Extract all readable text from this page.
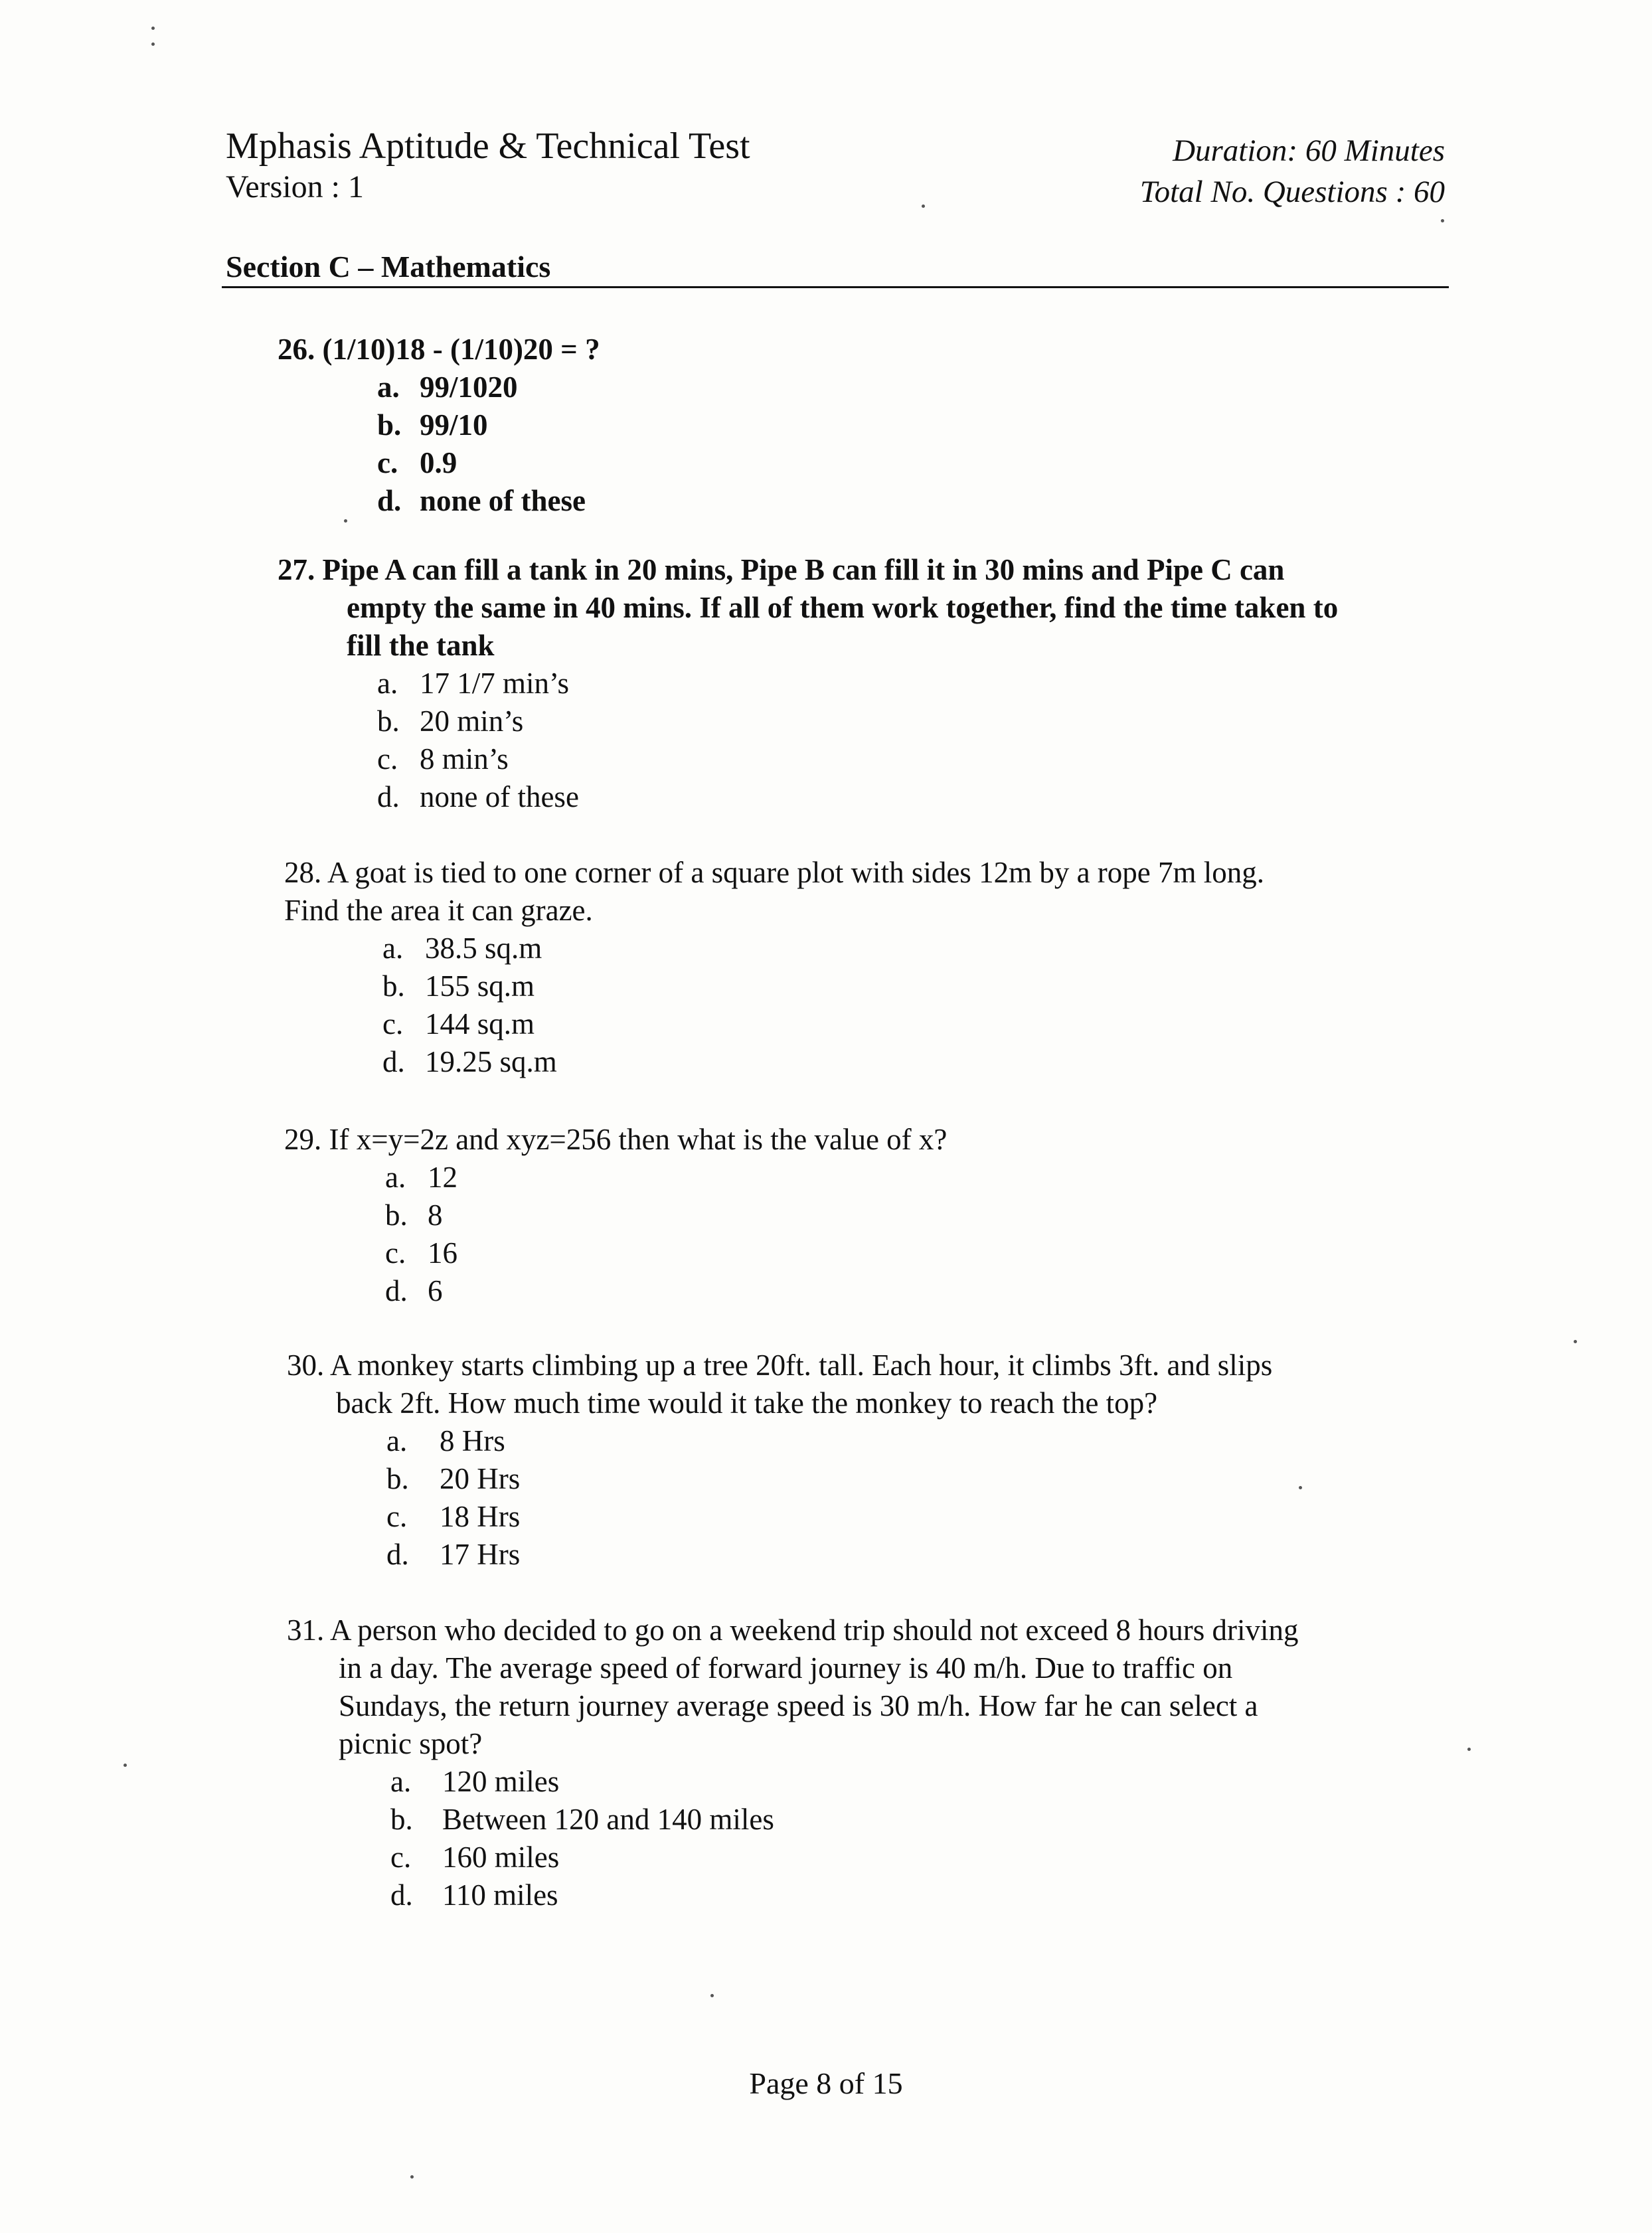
Mphasis Aptitude & Technical Test
Version : 1
Duration: 60 Minutes
Total No. Questions : 60
Section C – Mathematics

26. (1/10)18 - (1/10)20 = ?

a. 99/1020
b. 99/10
c. 0.9
d. none of these
27. Pipe A can fill a tank in 20 mins, Pipe B can fill it in 30 mins and Pipe C can
empty the same in 40 mins. If all of them work together, find the time taken to
fill the tank
a. 17 1/7 min’s
b. 20 min’s
c. 8 min’s
d. none of these
28. A goat is tied to one corner of a square plot with sides 12m by a rope 7m long.
Find the area it can graze.
a. 38.5 sq.m
b. 155 sq.m
c. 144 sq.m
d. 19.25 sq.m

29. If x=y=2z and xyz=256 then what is the value of x?

a. 12
b. 8
c. 16
d. 6
30. A monkey starts climbing up a tree 20ft. tall. Each hour, it climbs 3ft. and slips
back 2ft. How much time would it take the monkey to reach the top?
a.	8 Hrs
b.	20 Hrs
c.	18 Hrs
d.	17 Hrs
31. A person who decided to go on a weekend trip should not exceed 8 hours driving
in a day. The average speed of forward journey is 40 m/h. Due to traffic on
Sundays, the return journey average speed is 30 m/h. How far he can select a
picnic spot?
a.	120 miles
b. Between 120 and 140 miles
c.	160 miles
d. 110 miles
Page 8 of 15
